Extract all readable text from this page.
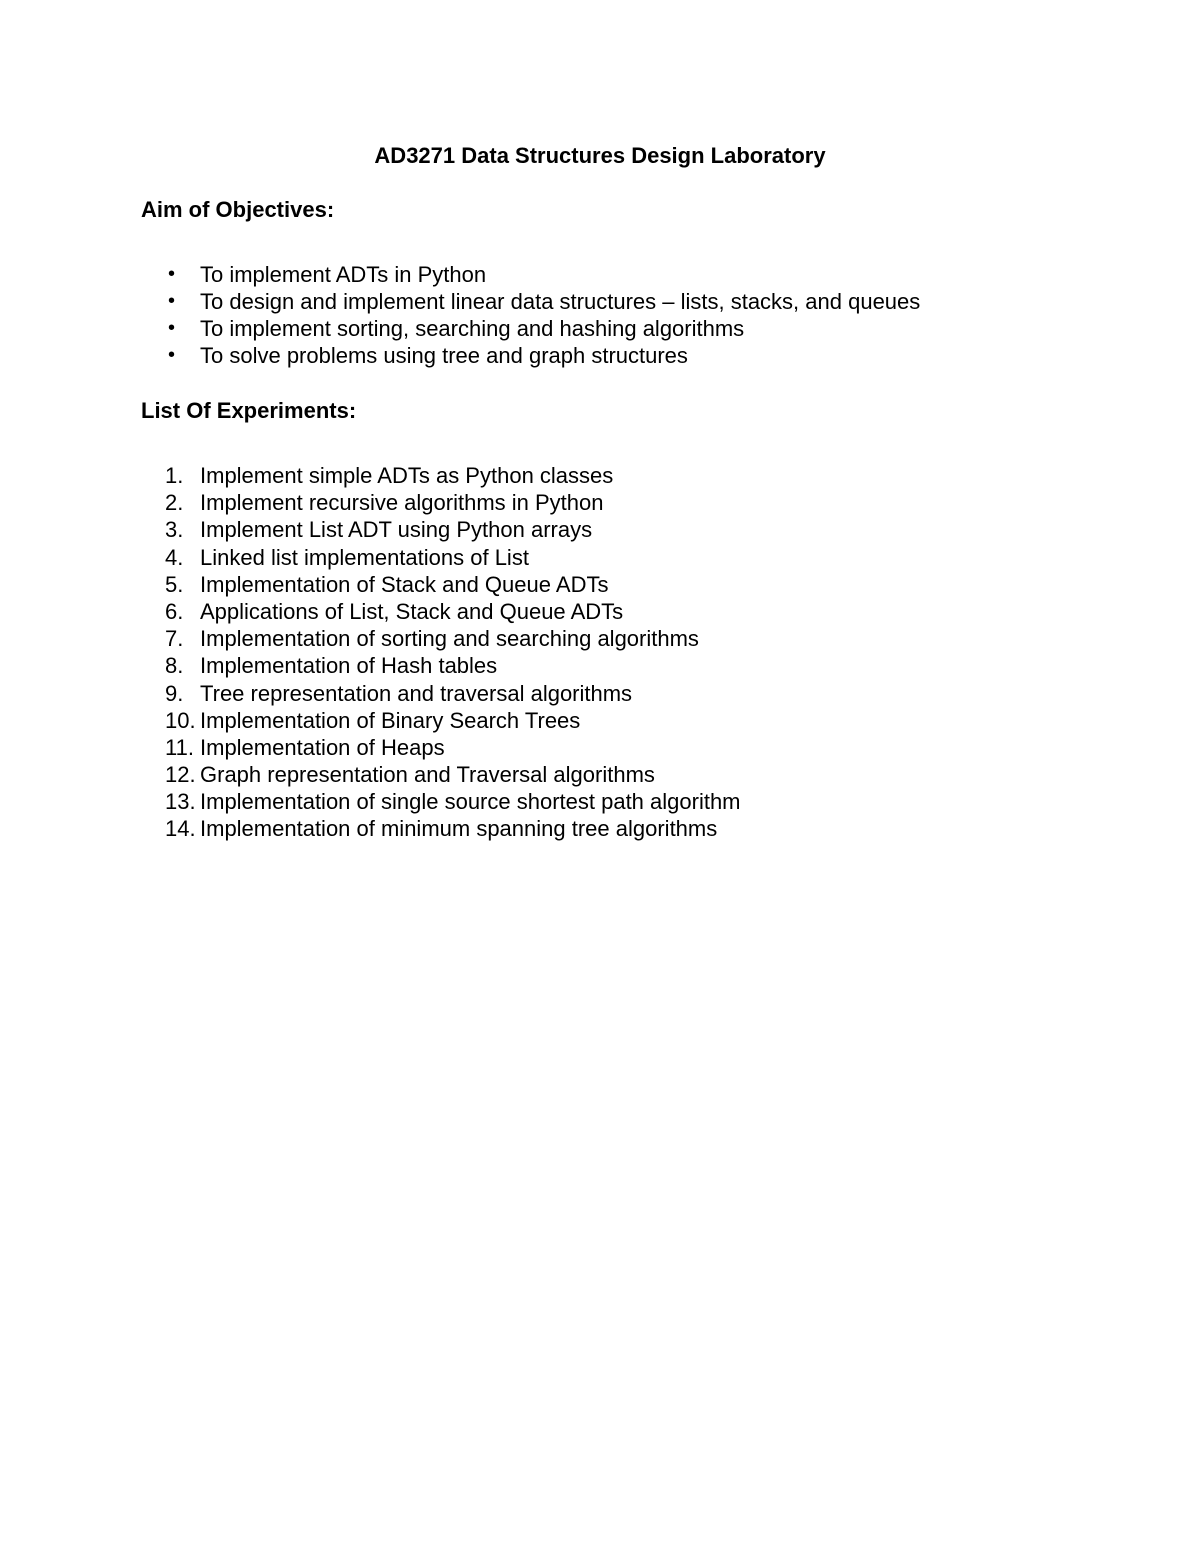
AD3271 Data Structures Design Laboratory
Aim of Objectives:
• To implement ADTs in Python
• To design and implement linear data structures – lists, stacks, and queues
• To implement sorting, searching and hashing algorithms
• To solve problems using tree and graph structures
List Of Experiments:
1. Implement simple ADTs as Python classes
2. Implement recursive algorithms in Python
3. Implement List ADT using Python arrays
4. Linked list implementations of List
5. Implementation of Stack and Queue ADTs
6. Applications of List, Stack and Queue ADTs
7. Implementation of sorting and searching algorithms
8. Implementation of Hash tables
9. Tree representation and traversal algorithms
10. Implementation of Binary Search Trees
11. Implementation of Heaps
12. Graph representation and Traversal algorithms
13. Implementation of single source shortest path algorithm
14. Implementation of minimum spanning tree algorithms
